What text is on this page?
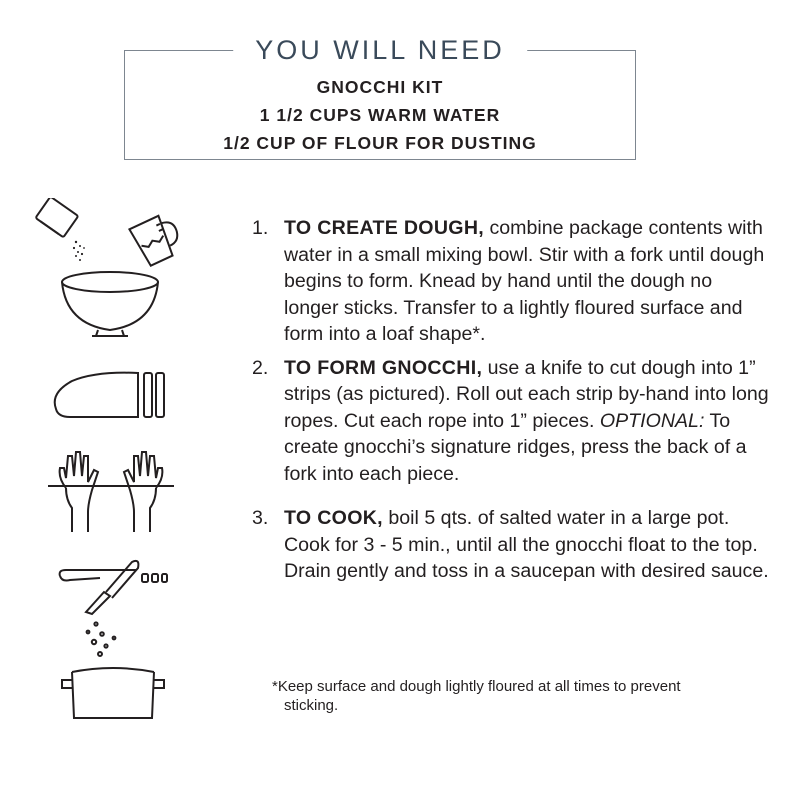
YOU WILL NEED
GNOCCHI KIT
1 1/2 CUPS WARM WATER
1/2 CUP OF FLOUR FOR DUSTING
1. TO CREATE DOUGH, combine package contents with water in a small mixing bowl. Stir with a fork until dough begins to form. Knead by hand until the dough no longer sticks. Transfer to a lightly floured surface and form into a loaf shape*.
2. TO FORM GNOCCHI, use a knife to cut dough into 1” strips (as pictured). Roll out each strip by-hand into long ropes. Cut each rope into 1” pieces. OPTIONAL: To create gnocchi’s signature ridges, press the back of a fork into each piece.
3. TO COOK, boil 5 qts. of salted water in a large pot. Cook for 3 - 5 min., until all the gnocchi float to the top. Drain gently and toss in a saucepan with desired sauce.
*Keep surface and dough lightly floured at all times to prevent sticking.
